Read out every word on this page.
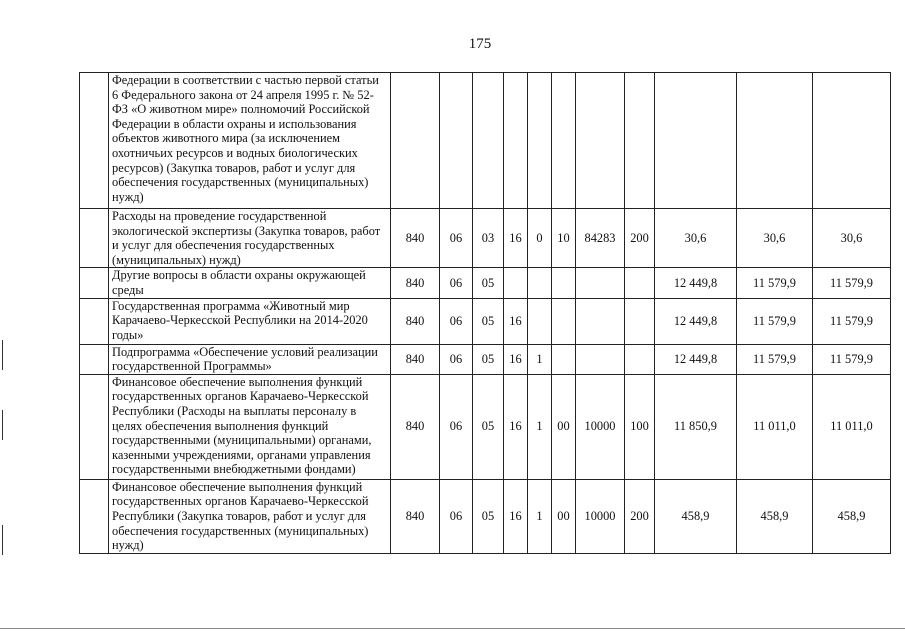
175
	Федерации в соответствии с частью первой статьи 6 Федерального закона от 24 апреля 1995 г. № 52-ФЗ «О животном мире» полномочий Российской Федерации в области охраны и использования объектов животного мира (за исключением охотничьих ресурсов и водных биологических ресурсов) (Закупка товаров, работ и услуг для обеспечения государственных (муниципальных) нужд)											
	Расходы на проведение государственной экологической экспертизы (Закупка товаров, работ и услуг для обеспечения государственных (муниципальных) нужд)	840	06	03	16	0	10	84283	200	30,6	30,6	30,6
	Другие вопросы в области охраны окружающей среды	840	06	05						12 449,8	11 579,9	11 579,9
	Государственная программа «Животный мир Карачаево-Черкесской Республики на 2014-2020 годы»	840	06	05	16					12 449,8	11 579,9	11 579,9
	Подпрограмма «Обеспечение условий реализации государственной Программы»	840	06	05	16	1				12 449,8	11 579,9	11 579,9
	Финансовое обеспечение выполнения функций государственных органов Карачаево-Черкесской Республики (Расходы на выплаты персоналу в целях обеспечения выполнения функций государственными (муниципальными) органами, казенными учреждениями, органами управления государственными внебюджетными фондами)	840	06	05	16	1	00	10000	100	11 850,9	11 011,0	11 011,0
	Финансовое обеспечение выполнения функций государственных органов Карачаево-Черкесской Республики (Закупка товаров, работ и услуг для обеспечения государственных (муниципальных) нужд)	840	06	05	16	1	00	10000	200	458,9	458,9	458,9
